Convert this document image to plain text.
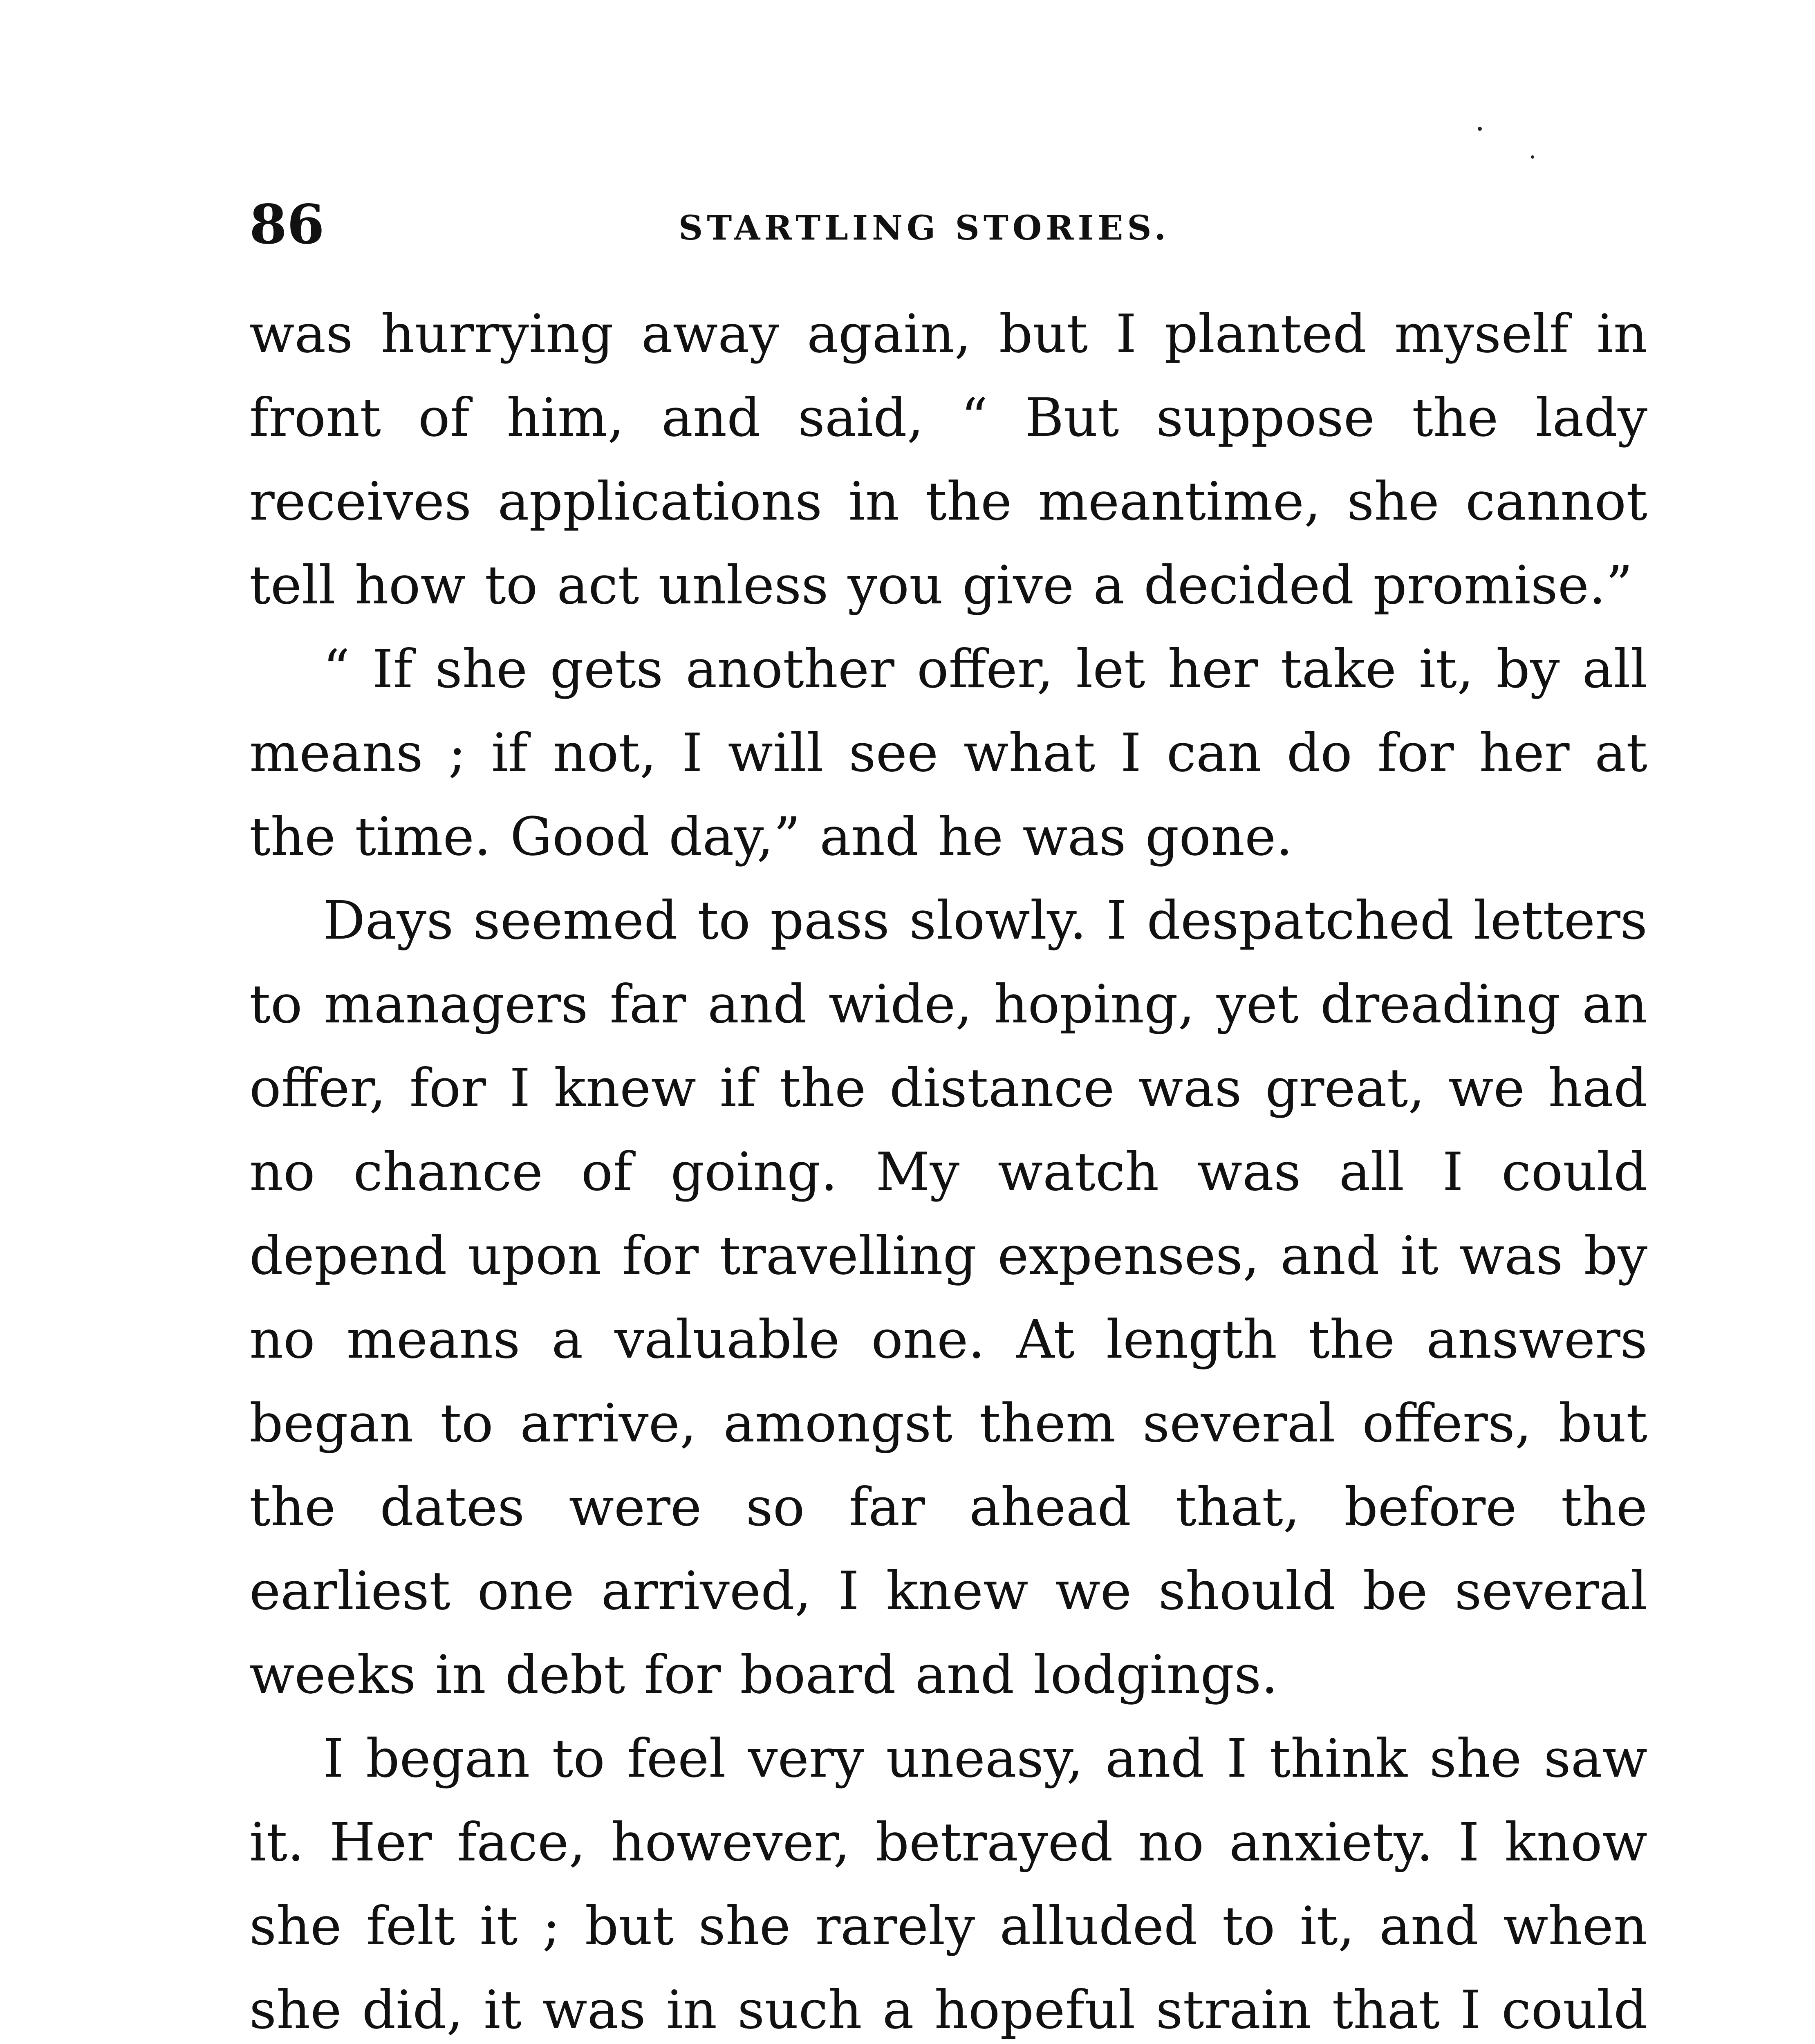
86	STARTLING STORIES.

was hurrying away again, but I planted myself in front of him, and said, “ But suppose the lady receives applications in the meantime, she cannot tell how to act unless you give a decided promise.”

“ If she gets another offer, let her take it, by all means ; if not, I will see what I can do for her at the time. Good day,” and he was gone.

Days seemed to pass slowly. I despatched letters to managers far and wide, hoping, yet dreading an offer, for I knew if the distance was great, we had no chance of going. My watch was all I could depend upon for travelling expenses, and it was by no means a valuable one. At length the answers began to arrive, amongst them several offers, but the dates were so far ahead that, before the earliest one arrived, I knew we should be several weeks in debt for board and lodgings.

I began to feel very uneasy, and I think she saw it. Her face, however, betrayed no anxiety. I know she felt it ; but she rarely alluded to it, and when she did, it was in such a hopeful strain that I could
